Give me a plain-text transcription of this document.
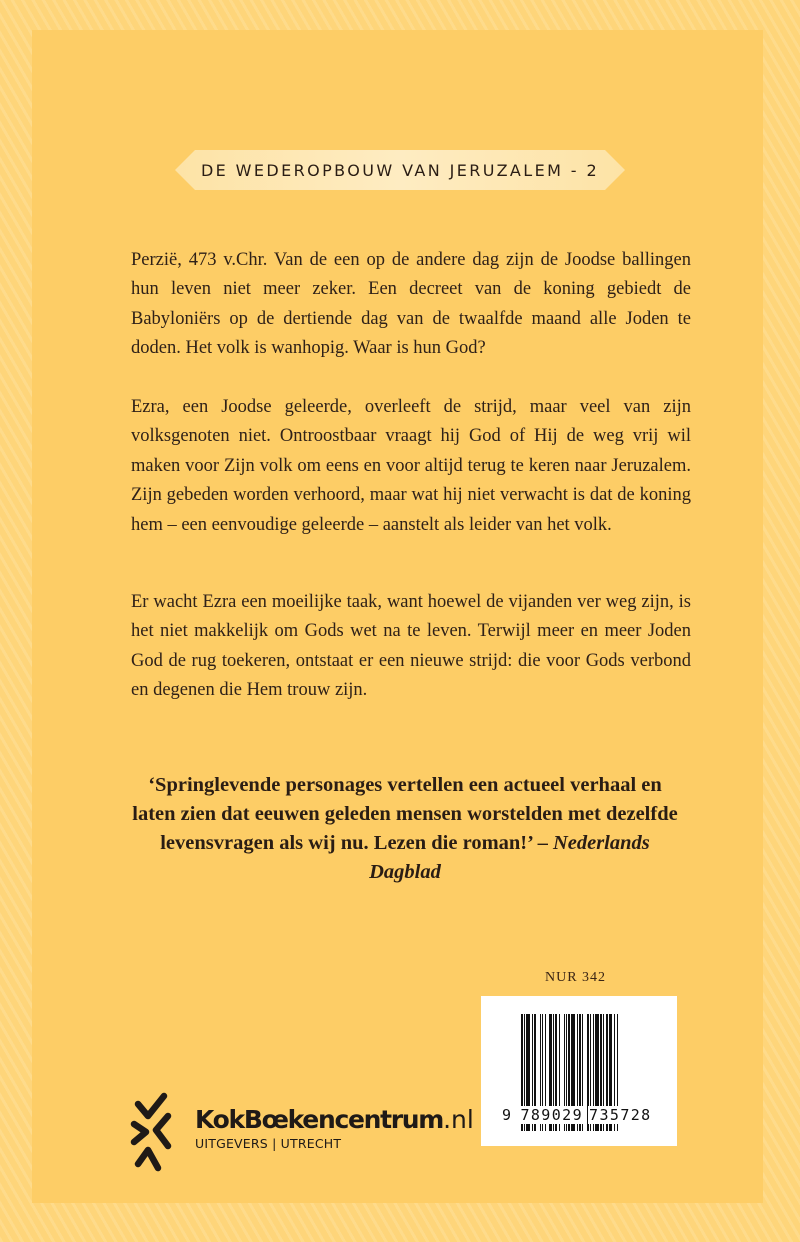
DE WEDEROPBOUW VAN JERUZALEM - 2

Perzië, 473 v.Chr. Van de een op de andere dag zijn de Joodse ballingen hun leven niet meer zeker. Een decreet van de koning gebiedt de Babyloniërs op de dertiende dag van de twaalfde maand alle Joden te doden. Het volk is wanhopig. Waar is hun God?

Ezra, een Joodse geleerde, overleeft de strijd, maar veel van zijn volksgenoten niet. Ontroostbaar vraagt hij God of Hij de weg vrij wil maken voor Zijn volk om eens en voor altijd terug te keren naar Jeruzalem. Zijn gebeden worden verhoord, maar wat hij niet verwacht is dat de koning hem – een eenvoudige geleerde – aanstelt als leider van het volk.

Er wacht Ezra een moeilijke taak, want hoewel de vijanden ver weg zijn, is het niet makkelijk om Gods wet na te leven. Terwijl meer en meer Joden God de rug toekeren, ontstaat er een nieuwe strijd: die voor Gods verbond en degenen die Hem trouw zijn.

‘Springlevende personages vertellen een actueel verhaal en laten zien dat eeuwen geleden mensen worstelden met dezelfde levensvragen als wij nu. Lezen die roman!’ – Nederlands Dagblad
NUR 342
9 789029 735728
KokBœkencentrum.nl
UITGEVERS | UTRECHT
